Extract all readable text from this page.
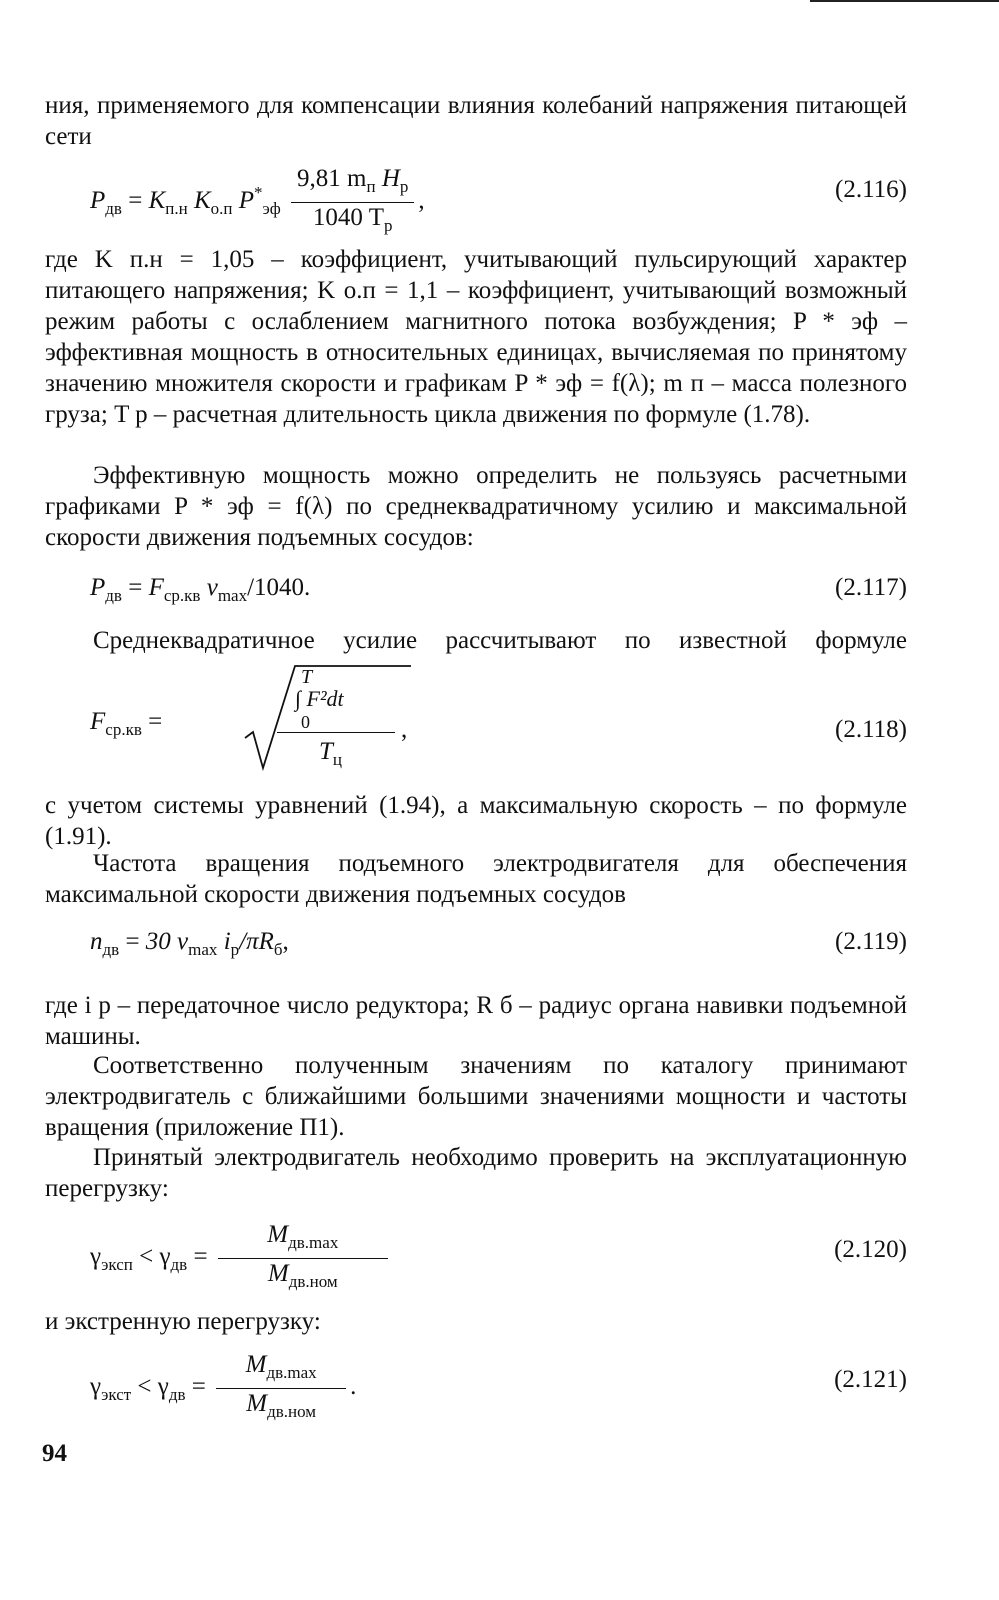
ния, применяемого для компенсации влияния колебаний напряжения питающей сети
$P_{дв} = K_{п.н}$ $K_{о.п}$ $P^*_{эф} \frac{9,81 m_п H_р}{1040 T_р}$ ,	(2.116)
где K п.н = 1,05 – коэффициент, учитывающий пульсирующий характер питающего напряжения; K о.п = 1,1 – коэффициент, учитывающий возможный режим работы с ослаблением магнитного потока возбуждения; P * эф – эффективная мощность в относительных единицах, вычисляемая по принятому значению множителя скорости и графикам P * эф = f(λ); m п – масса полезного груза; T р – расчетная длительность цикла движения по формуле (1.78).
Эффективную мощность можно определить не пользуясь расчетными графиками P * эф = f(λ) по среднеквадратичному усилию и максимальной скорости движения подъемных сосудов:
$P_{дв} = F_{ср.кв}$ $v_{max}/1040$.	(2.117)
Среднеквадратичное усилие рассчитывают по известной формуле
$F_{ср.кв}$ =
T
∫ F²dt
0
$T_ц$
,	(2.118)
с учетом системы уравнений (1.94), а максимальную скорость – по формуле (1.91).
Частота вращения подъемного электродвигателя для обеспечения максимальной скорости движения подъемных сосудов
$n_{дв} = 30$ $v_{max}$ $i_р/\pi R_б$,	(2.119)
где i р – передаточное число редуктора; R б – радиус органа навивки подъемной машины.
Соответственно полученным значениям по каталогу принимают электродвигатель с ближайшими большими значениями мощности и частоты вращения (приложение П1).
Принятый электродвигатель необходимо проверить на эксплуатационную перегрузку:
$\gamma_{эксп} < \gamma_{дв} = \frac{M_{дв.max}}{M_{дв.ном}}$	(2.120)
и экстренную перегрузку:
$\gamma_{экст} < \gamma_{дв} = \frac{M_{дв.max}}{M_{дв.ном}}$ .	(2.121)
94
